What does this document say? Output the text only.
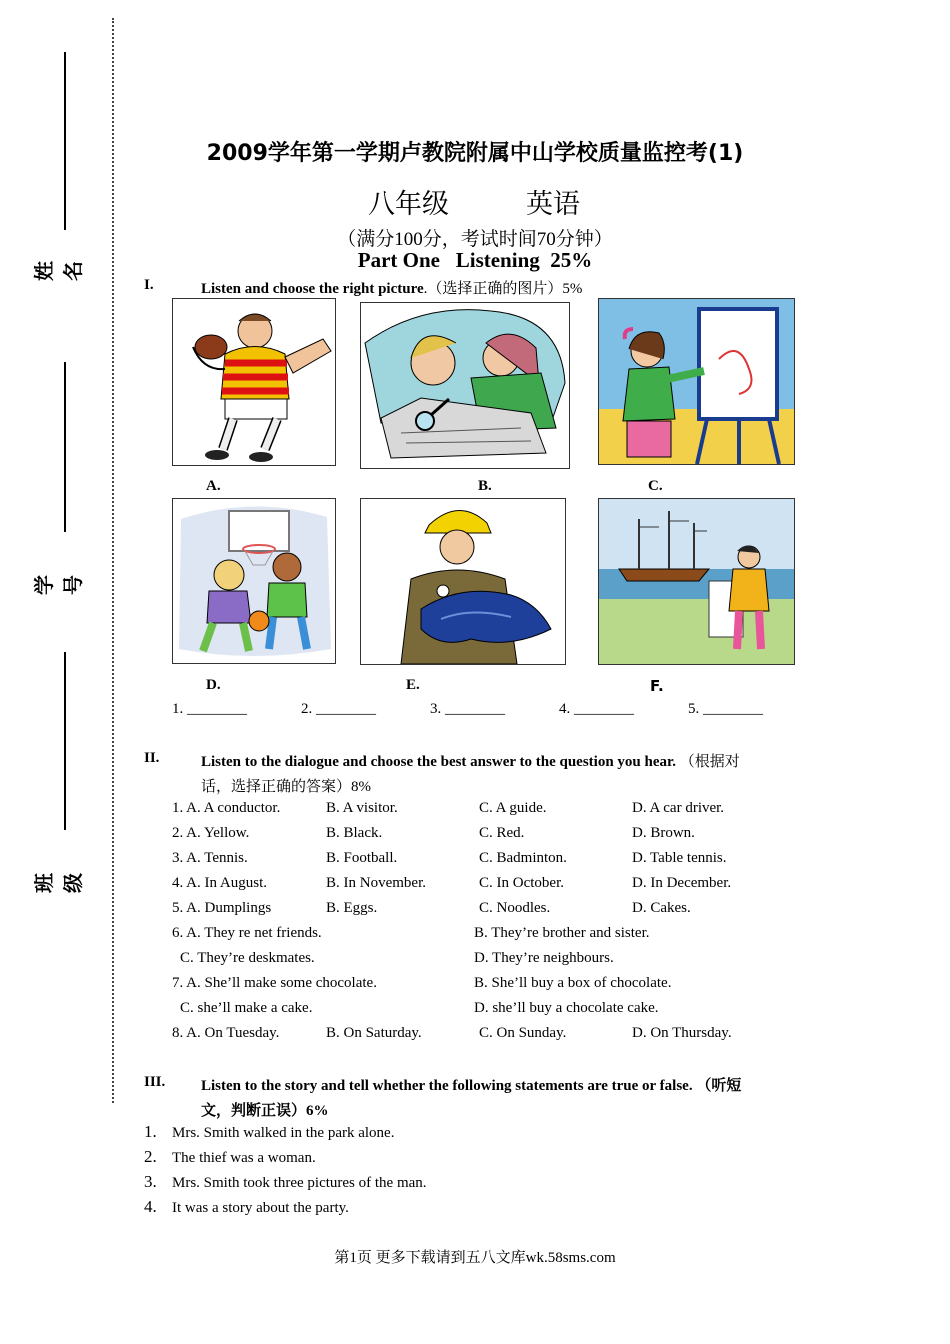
姓名
学号
班级
2009学年第一学期卢教院附属中山学校质量监控考(1)
八年级	英语
（满分100分，考试时间70分钟）
Part One   Listening  25%
I.	Listen and choose the right picture.（选择正确的图片）5%
A.	B.	C.
D.	E.	F.
1. ________	2. ________	3. ________	4. ________	5. ________
II.	Listen to the dialogue and choose the best answer to the question you hear. （根据对
话，选择正确的答案）8%
1. A. A conductor.	B. A visitor.	C. A guide.	D. A car driver.
2. A. Yellow.	B. Black.	C. Red.	D. Brown.
3. A. Tennis.	B. Football.	C. Badminton.	D. Table tennis.
4. A. In August.	B. In November.	C. In October.	D. In December.
5. A. Dumplings	B. Eggs.	C. Noodles.	D. Cakes.
6. A. They re net friends.	B. They’re brother and sister.
C. They’re deskmates.	D. They’re neighbours.
7. A. She’ll make some chocolate.	B. She’ll buy a box of chocolate.
C. she’ll make a cake.	D. she’ll buy a chocolate cake.
8. A. On Tuesday.	B. On Saturday.	C. On Sunday.	D. On Thursday.
III. Listen to the story and tell whether the following statements are true or false. （听短
文，判断正误）6%
1. Mrs. Smith walked in the park alone.
2. The thief was a woman.
3. Mrs. Smith took three pictures of the man.
4. It was a story about the party.
第1页 更多下载请到五八文库wk.58sms.com
